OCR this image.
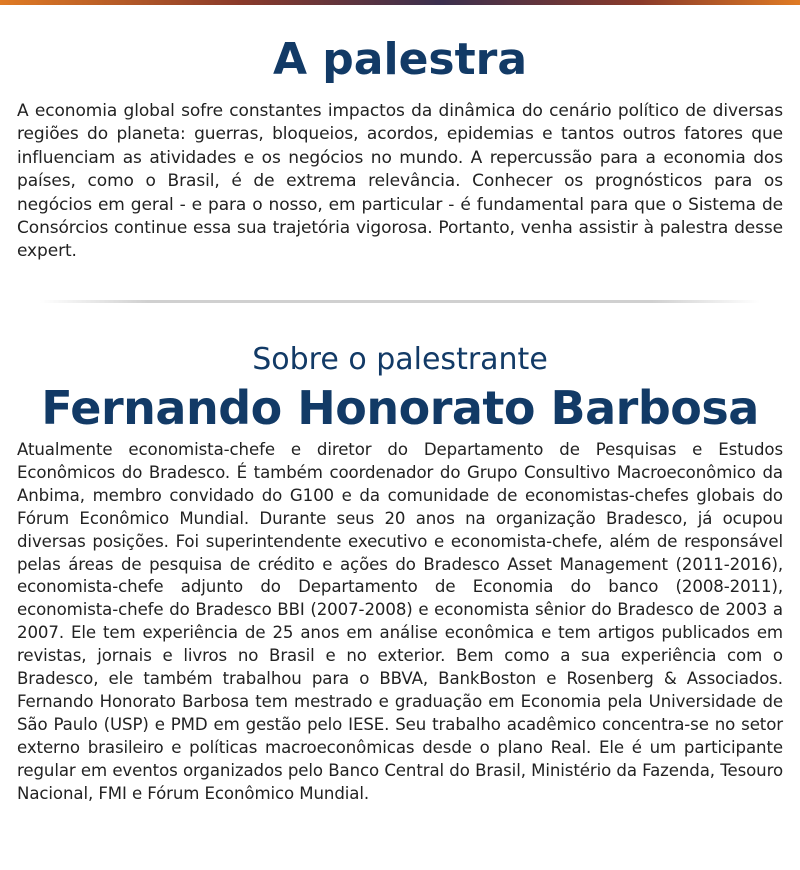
A palestra

A economia global sofre constantes impactos da dinâmica do cenário político de diversas regiões do planeta: guerras, bloqueios, acordos, epidemias e tantos outros fatores que influenciam as atividades e os negócios no mundo. A repercussão para a economia dos países, como o Brasil, é de extrema relevância. Conhecer os prognósticos para os negócios em geral - e para o nosso, em particular - é fundamental para que o Sistema de Consórcios continue essa sua trajetória vigorosa. Portanto, venha assistir à palestra desse expert.

Sobre o palestrante
Fernando Honorato Barbosa

Atualmente economista-chefe e diretor do Departamento de Pesquisas e Estudos Econômicos do Bradesco. É também coordenador do Grupo Consultivo Macroeconômico da Anbima, membro convidado do G100 e da comunidade de economistas-chefes globais do Fórum Econômico Mundial. Durante seus 20 anos na organização Bradesco, já ocupou diversas posições. Foi superintendente executivo e economista-chefe, além de responsável pelas áreas de pesquisa de crédito e ações do Bradesco Asset Management (2011-2016), economista-chefe adjunto do Departamento de Economia do banco (2008-2011), economista-chefe do Bradesco BBI (2007-2008) e economista sênior do Bradesco de 2003 a 2007. Ele tem experiência de 25 anos em análise econômica e tem artigos publicados em revistas, jornais e livros no Brasil e no exterior. Bem como a sua experiência com o Bradesco, ele também trabalhou para o BBVA, BankBoston e Rosenberg & Associados. Fernando Honorato Barbosa tem mestrado e graduação em Economia pela Universidade de São Paulo (USP) e PMD em gestão pelo IESE. Seu trabalho acadêmico concentra-se no setor externo brasileiro e políticas macroeconômicas desde o plano Real. Ele é um participante regular em eventos organizados pelo Banco Central do Brasil, Ministério da Fazenda, Tesouro Nacional, FMI e Fórum Econômico Mundial.
